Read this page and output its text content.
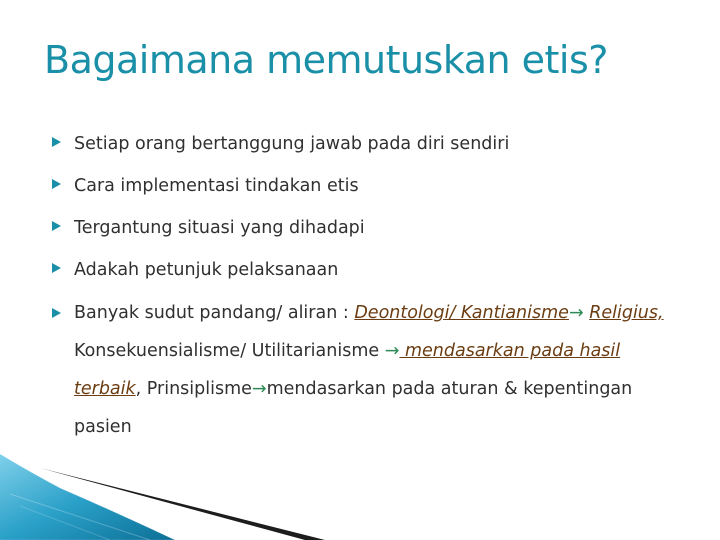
Bagaimana memutuskan etis?
Setiap orang bertanggung jawab pada diri sendiri
Cara implementasi tindakan etis
Tergantung situasi yang dihadapi
Adakah petunjuk pelaksanaan
Banyak sudut pandang/ aliran : Deontologi/ Kantianisme→ Religius, Konsekuensialisme/ Utilitarianisme → mendasarkan pada hasil terbaik, Prinsiplisme→mendasarkan pada aturan & kepentingan pasien
